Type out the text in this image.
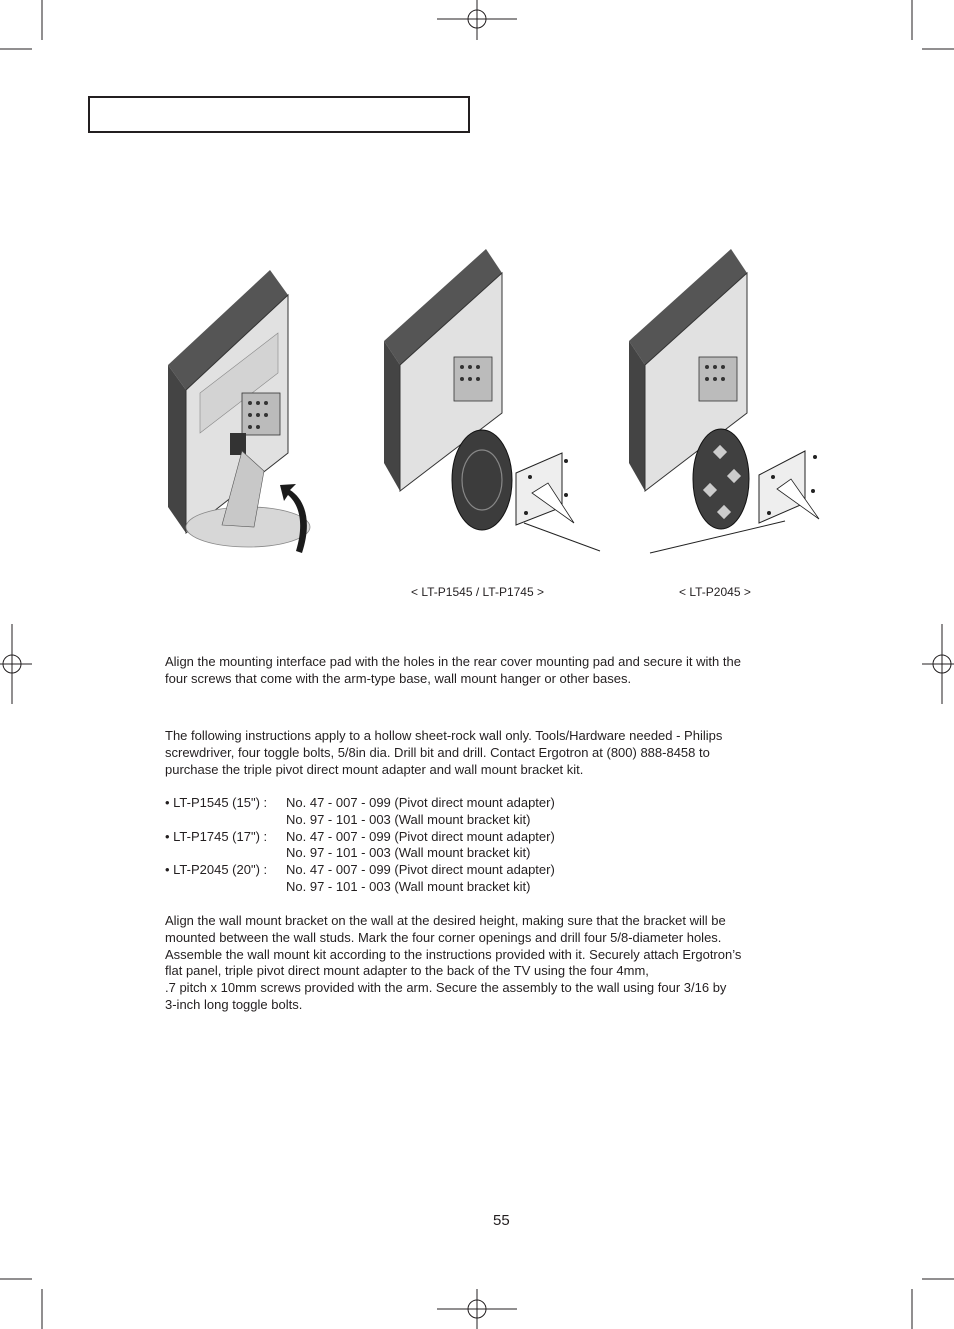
< LT-P1545 / LT-P1745 >	< LT-P2045 >
Align the mounting interface pad with the holes in the rear cover mounting pad and secure it with the
four screws that come with the arm-type base, wall mount hanger or other bases.
The following instructions apply to a hollow sheet-rock wall only. Tools/Hardware needed - Philips
screwdriver, four toggle bolts, 5/8in dia. Drill bit and drill. Contact Ergotron at (800) 888-8458 to
purchase the triple pivot direct mount adapter and wall mount bracket kit.
• LT-P1545 (15") : No. 47 - 007 - 099 (Pivot direct mount adapter)
No. 97 - 101 - 003 (Wall mount bracket kit)
• LT-P1745 (17") : No. 47 - 007 - 099 (Pivot direct mount adapter)
No. 97 - 101 - 003 (Wall mount bracket kit)
• LT-P2045 (20") : No. 47 - 007 - 099 (Pivot direct mount adapter)
No. 97 - 101 - 003 (Wall mount bracket kit)
Align the wall mount bracket on the wall at the desired height, making sure that the bracket will be
mounted between the wall studs. Mark the four corner openings and drill four 5/8-diameter holes.
Assemble the wall mount kit according to the instructions provided with it. Securely attach Ergotron’s
flat panel, triple pivot direct mount adapter to the back of the TV using the four 4mm,
.7 pitch x 10mm screws provided with the arm. Secure the assembly to the wall using four 3/16 by
3-inch long toggle bolts.
55
